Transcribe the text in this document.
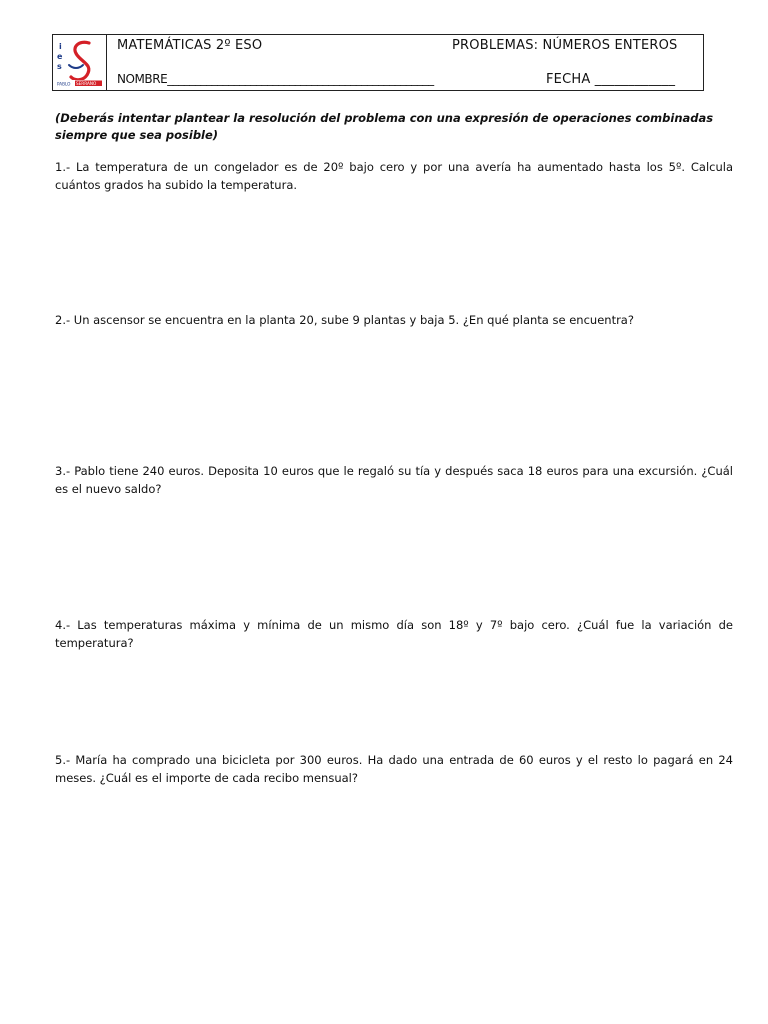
i
e
s
PABLO SERRANO
MATEMÁTICAS 2º ESO	PROBLEMAS: NÚMEROS ENTEROS
NOMBRE________________________________________________	FECHA ____________
(Deberás intentar plantear la resolución del problema con una expresión de operaciones combinadas siempre que sea posible)
1.- La temperatura de un congelador es de 20º bajo cero y por una avería ha aumentado hasta los 5º. Calcula cuántos grados ha subido la temperatura.
2.- Un ascensor se encuentra en la planta 20, sube 9 plantas y baja 5. ¿En qué planta se encuentra?
3.- Pablo tiene 240 euros. Deposita 10 euros que le regaló su tía y después saca 18 euros para una excursión. ¿Cuál es el nuevo saldo?
4.- Las temperaturas máxima y mínima de un mismo día son 18º y 7º bajo cero. ¿Cuál fue la variación de temperatura?
5.- María ha comprado una bicicleta por 300 euros. Ha dado una entrada de 60 euros y el resto lo pagará en 24 meses. ¿Cuál es el importe de cada recibo mensual?
